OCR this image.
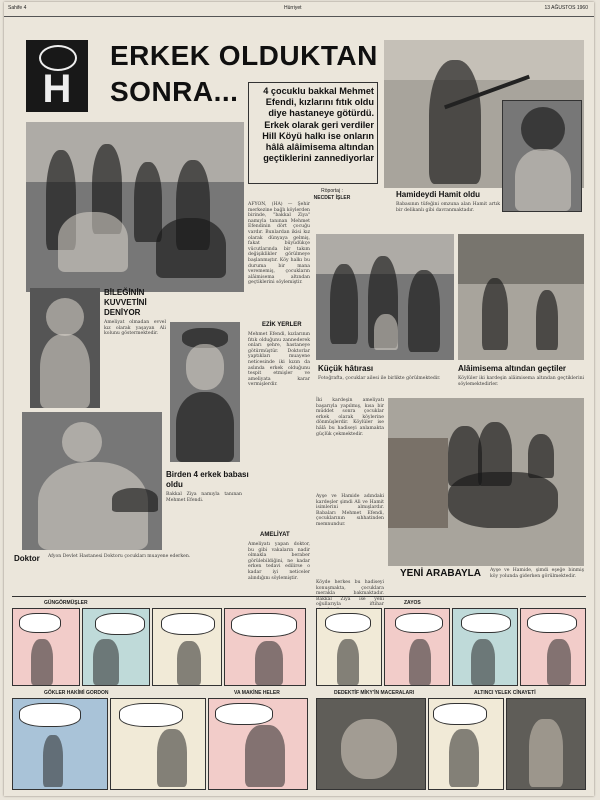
Sahife 4	Hürriyet	13 AĞUSTOS 1960
H
ERKEK OLDUKTAN
SONRA...	4 çocuklu bakkal Mehmet Efendi, kızlarını fıtık oldu diye hastaneye götürdü. Erkek olarak geri verdiler Hill Köyü halkı ise onların hâlâ alâimisema altından geçtiklerini zannediyorlar
Röportaj :
NECDET İŞLER	Hamideydi Hamit oldu
Babasının tüfeğini omzuna alan Hamit artık bir delikanlı gibi davranmaktadır.
BİLEĞİNİN
KUVVETİNİ
DENİYOR
Ameliyat olmadan evvel kız olarak yaşayan Ali kolunu göstermektedir.
AFYON, (HA) — Şehir merkezine bağlı köylerden birinde, "bakkal Ziya" namıyla tanınan Mehmet Efendinin dört çocuğu vardır. Bunlardan ikisi kız olarak dünyaya gelmiş, fakat büyüdükçe vücutlarında bir takım değişiklikler görülmeye başlanmıştır. Köy halkı bu duruma bir mana verememiş, çocukların alâimisema altından geçtiklerini söylemiştir.
EZİK YERLER
Mehmet Efendi, kızlarının fıtık olduğunu zannederek onları şehre, hastaneye götürmüştür. Doktorlar yaptıkları muayene neticesinde iki kızın da aslında erkek olduğunu tespit etmişler ve ameliyata karar vermişlerdir.
Küçük hâtırası
Fotoğrafta, çocuklar ailesi ile birlikte görülmektedir.
Alâimisema altından geçtiler
Köylüler iki kardeşin alâimisema altından geçtiklerini söylemektedirler.
Doktor Afyon Devlet Hastanesi Doktoru çocukları muayene ederken.
Birden 4 erkek babası
oldu
Bakkal Ziya namıyla tanınan Mehmet Efendi.
İki kardeşin ameliyatı başarıyla yapılmış, kısa bir müddet sonra çocuklar erkek olarak köylerine dönmüşlerdir. Köylüler ise hâlâ bu hadiseyi anlamakta güçlük çekmektedir.
AMELİYAT
Ameliyatı yapan doktor, bu gibi vakaların nadir olmakla beraber görülebildiğini, ne kadar erken tedavi edilirse o kadar iyi neticeler alındığını söylemiştir.
Ayşe ve Hamide adındaki kardeşler şimdi Ali ve Hamit isimlerini almışlardır. Babaları Mehmet Efendi, çocuklarının sıhhatinden memnundur.
YENİ ARABAYLA Ayşe ve Hamide, şimdi eşeğe binmiş köy yolunda giderken görülmektedir.
Köyde herkes bu hadiseyi konuşmakta, çocuklara merakla bakmaktadır. Bakkal Ziya ise yeni oğullarıyla iftihar
GÜNGÖRMÜŞLER	ZAYOS
GÖKLER HAKİMİ GORDON	VA MAKİNE HELER	DEDEKTİF MİKY'İN MACERALARI	ALTINCI YELEK CİNAYETİ
